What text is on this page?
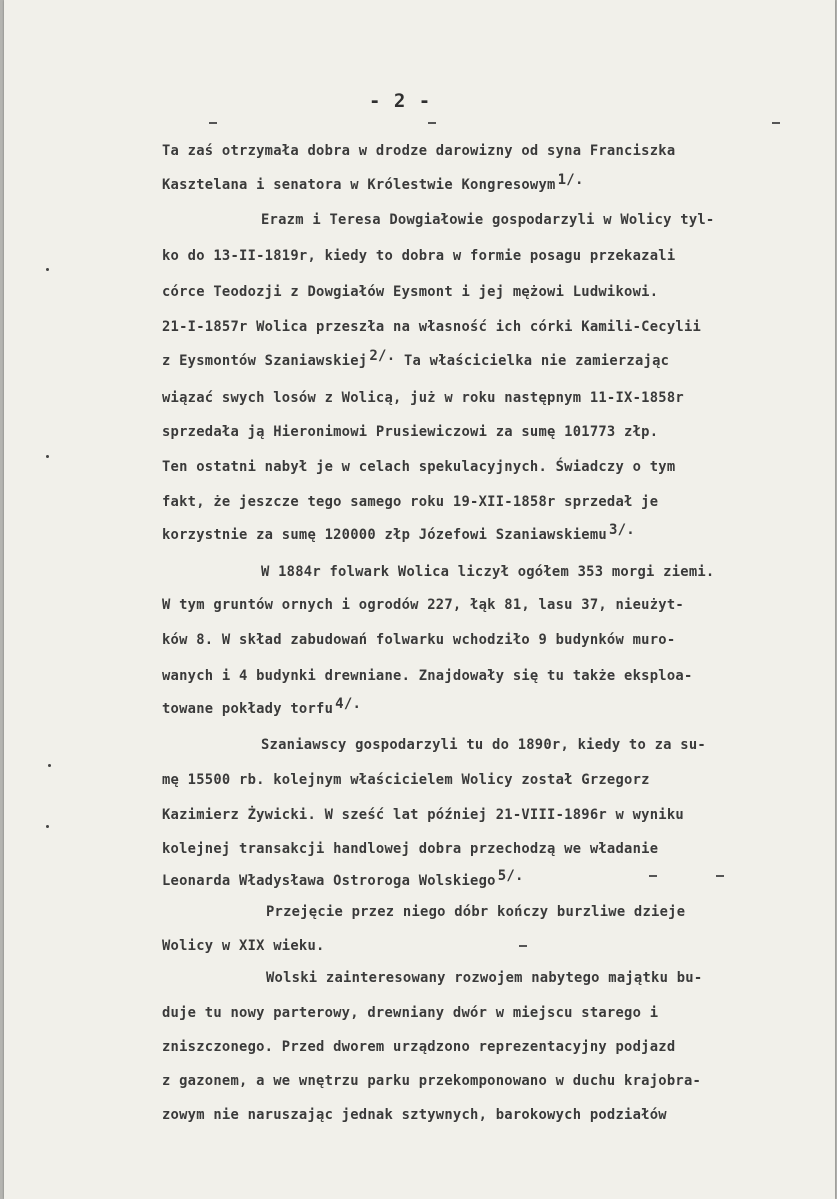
- 2 -
Ta zaś otrzymała dobra w drodze darowizny od syna Franciszka
Kasztelana i senatora w Królestwie Kongresowym $^{1/.}$
Erazm i Teresa Dowgiałowie gospodarzyli w Wolicy tyl-
ko do 13-II-1819r, kiedy to dobra w formie posagu przekazali
córce Teodozji z Dowgiałów Eysmont i jej mężowi Ludwikowi.
21-I-1857r Wolica przeszła na własność ich córki Kamili-Cecylii
z Eysmontów Szaniawskiej $^{2/.}$ Ta właścicielka nie zamierzając
wiązać swych losów z Wolicą, już w roku następnym 11-IX-1858r
sprzedała ją Hieronimowi Prusiewiczowi za sumę 101773 złp.
Ten ostatni nabył je w celach spekulacyjnych. Świadczy o tym
fakt, że jeszcze tego samego roku 19-XII-1858r sprzedał je
korzystnie za sumę 120000 złp Józefowi Szaniawskiemu $^{3/.}$
W 1884r folwark Wolica liczył ogółem 353 morgi ziemi.
W tym gruntów ornych i ogrodów 227, łąk 81, lasu 37, nieużyt-
ków 8. W skład zabudowań folwarku wchodziło 9 budynków muro-
wanych i 4 budynki drewniane. Znajdowały się tu także eksploa-
towane pokłady torfu $^{4/.}$
Szaniawscy gospodarzyli tu do 1890r, kiedy to za su-
mę 15500 rb. kolejnym właścicielem Wolicy został Grzegorz
Kazimierz Żywicki. W sześć lat później 21-VIII-1896r w wyniku
kolejnej transakcji handlowej dobra przechodzą we władanie
Leonarda Władysława Ostroroga Wolskiego $^{5/.}$
Przejęcie przez niego dóbr kończy burzliwe dzieje
Wolicy w XIX wieku.
Wolski zainteresowany rozwojem nabytego majątku bu-
duje tu nowy parterowy, drewniany dwór w miejscu starego i
zniszczonego. Przed dworem urządzono reprezentacyjny podjazd
z gazonem, a we wnętrzu parku przekomponowano w duchu krajobra-
zowym nie naruszając jednak sztywnych, barokowych podziałów
